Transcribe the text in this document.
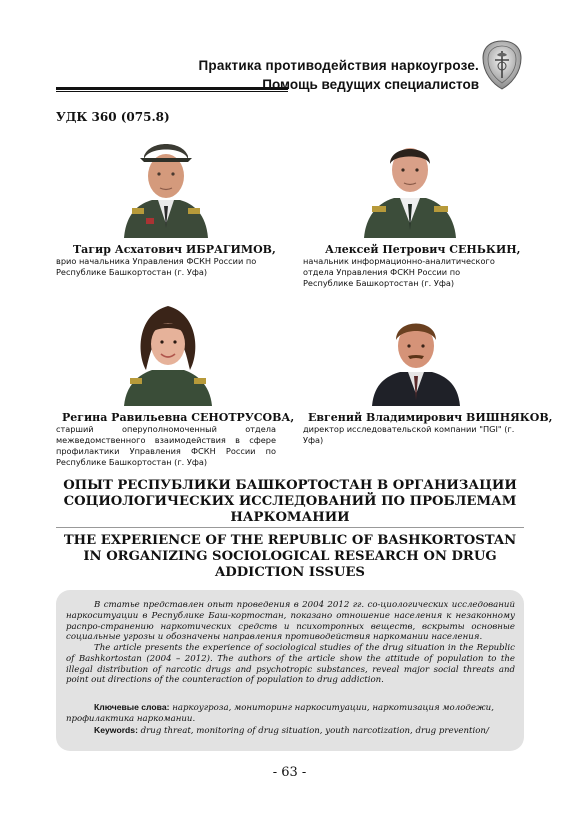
Практика противодействия наркоугрозе.
Помощь ведущих специалистов
УДК 360 (075.8)
Тагир Асхатович ИБРАГИМОВ,
врио начальника Управления ФСКН России по Республике Башкортостан (г. Уфа)
Алексей Петрович СЕНЬКИН,
начальник информационно-аналитического отдела Управления ФСКН России по Республике Башкортостан (г. Уфа)
Регина Равильевна СЕНОТРУСОВА,
старший оперуполномоченный отдела межведомственного взаимодействия в сфере профилактики Управления ФСКН России по Республике Башкортостан (г. Уфа)
Евгений Владимирович ВИШНЯКОВ,
директор исследовательской компании "ПGI" (г. Уфа)
ОПЫТ РЕСПУБЛИКИ БАШКОРТОСТАН В ОРГАНИЗАЦИИ СОЦИОЛОГИЧЕСКИХ ИССЛЕДОВАНИЙ ПО ПРОБЛЕМАМ НАРКОМАНИИ
THE EXPERIENCE OF THE REPUBLIC OF BASHKORTOSTAN IN ORGANIZING SOCIOLOGICAL RESEARCH ON DRUG ADDICTION ISSUES
В статье представлен опыт проведения в 2004 2012 гг. со-циологических исследований наркоситуации в Республике Баш-кортостан, показано отношение населения к незаконному распро-странению наркотических средств и психотропных веществ, вскрыты основные социальные угрозы и обозначены направления противодействия наркомании населения.
The article presents the experience of sociological studies of the drug situation in the Republic of Bashkortostan (2004 – 2012). The authors of the article show the attitude of population to the illegal distribution of narcotic drugs and psychotropic substances, reveal major social threats and point out directions of the counteraction of population to drug addiction.
Ключевые слова: наркоугроза, мониторинг наркоситуации, наркотизация молодежи, профилактика наркомании.
Keywords: drug threat, monitoring of drug situation, youth narcotization, drug prevention/
- 63 -
